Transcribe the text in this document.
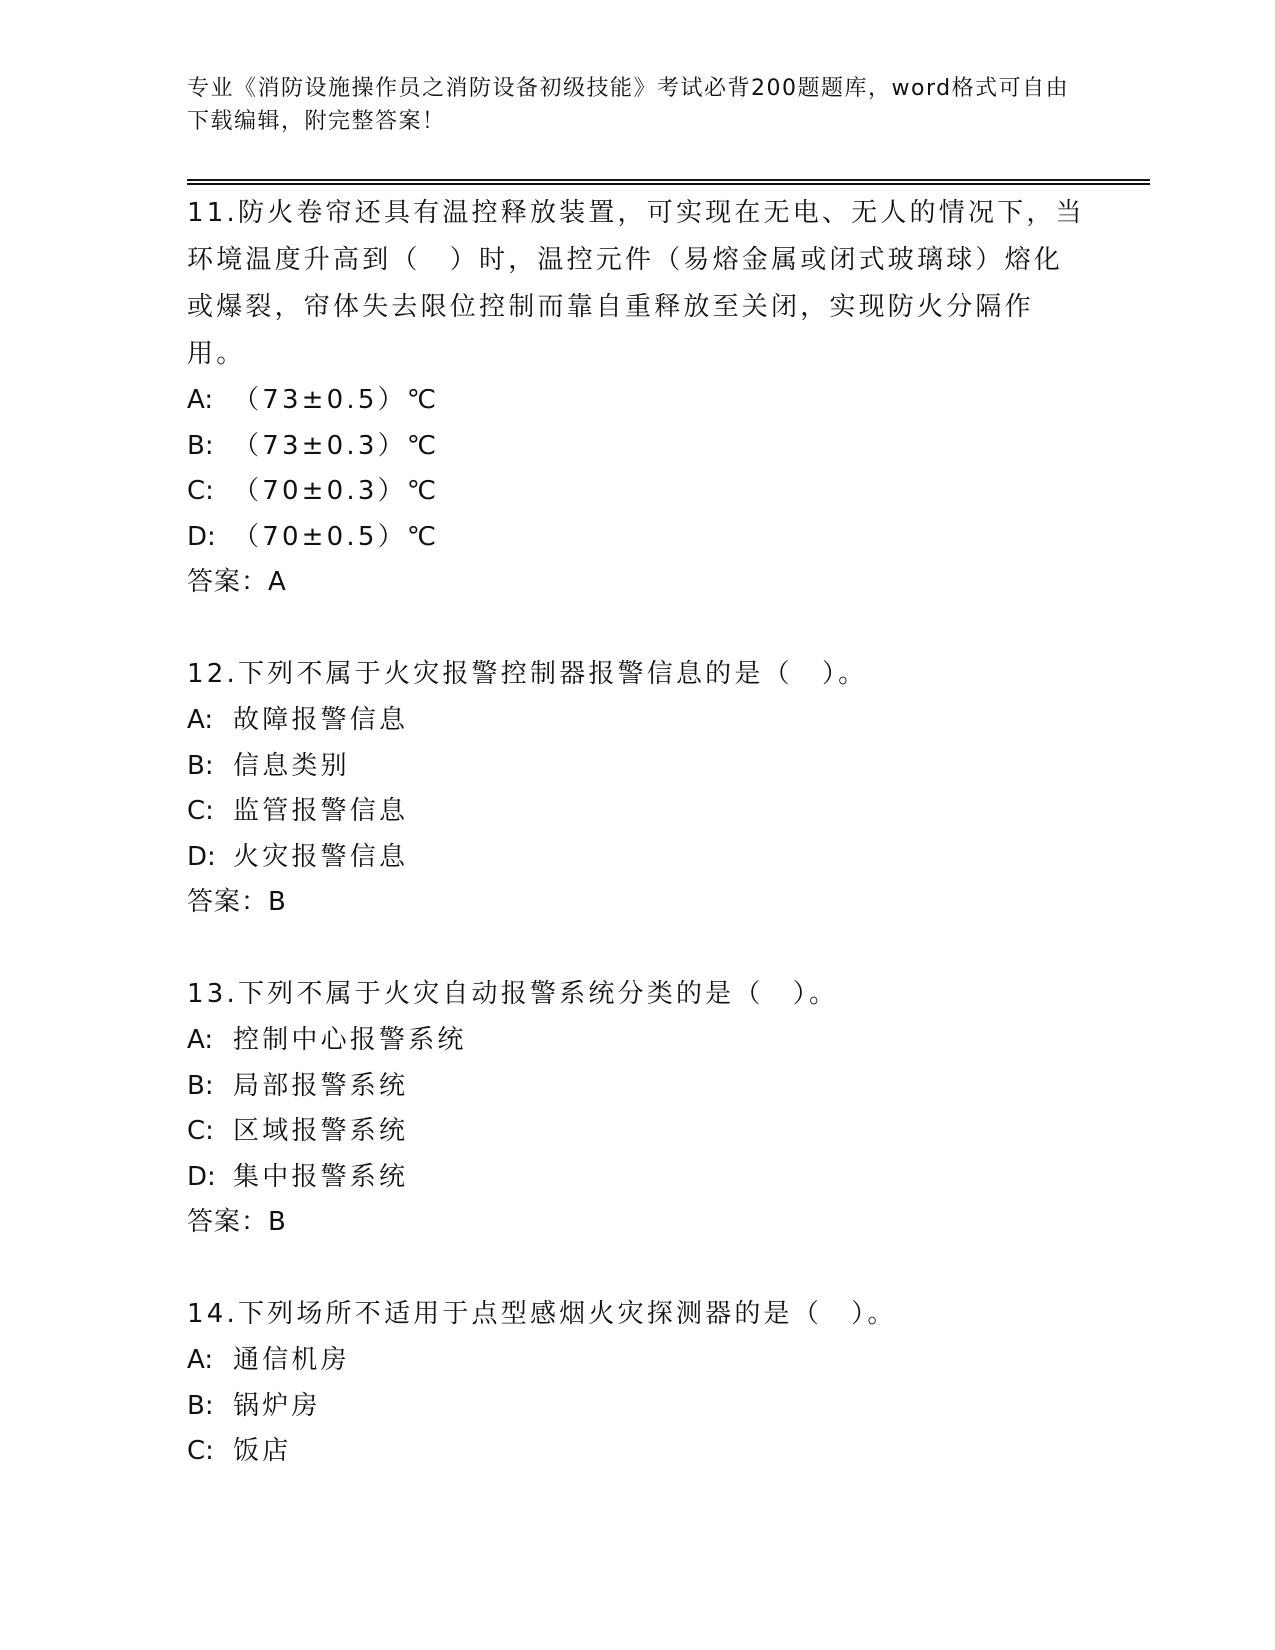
专业《消防设施操作员之消防设备初级技能》考试必背200题题库，word格式可自由下载编辑，附完整答案！

11.防火卷帘还具有温控释放装置，可实现在无电、无人的情况下，当环境温度升高到（　）时，温控元件（易熔金属或闭式玻璃球）熔化或爆裂，帘体失去限位控制而靠自重释放至关闭，实现防火分隔作用。

A: （73±0.5）℃
B: （73±0.3）℃
C: （70±0.3）℃
D: （70±0.5）℃
答案：A

12.下列不属于火灾报警控制器报警信息的是（　）。

A: 故障报警信息
B: 信息类别
C: 监管报警信息
D: 火灾报警信息
答案：B

13.下列不属于火灾自动报警系统分类的是（　）。

A: 控制中心报警系统
B: 局部报警系统
C: 区域报警系统
D: 集中报警系统
答案：B

14.下列场所不适用于点型感烟火灾探测器的是（　）。

A: 通信机房
B: 锅炉房
C: 饭店
